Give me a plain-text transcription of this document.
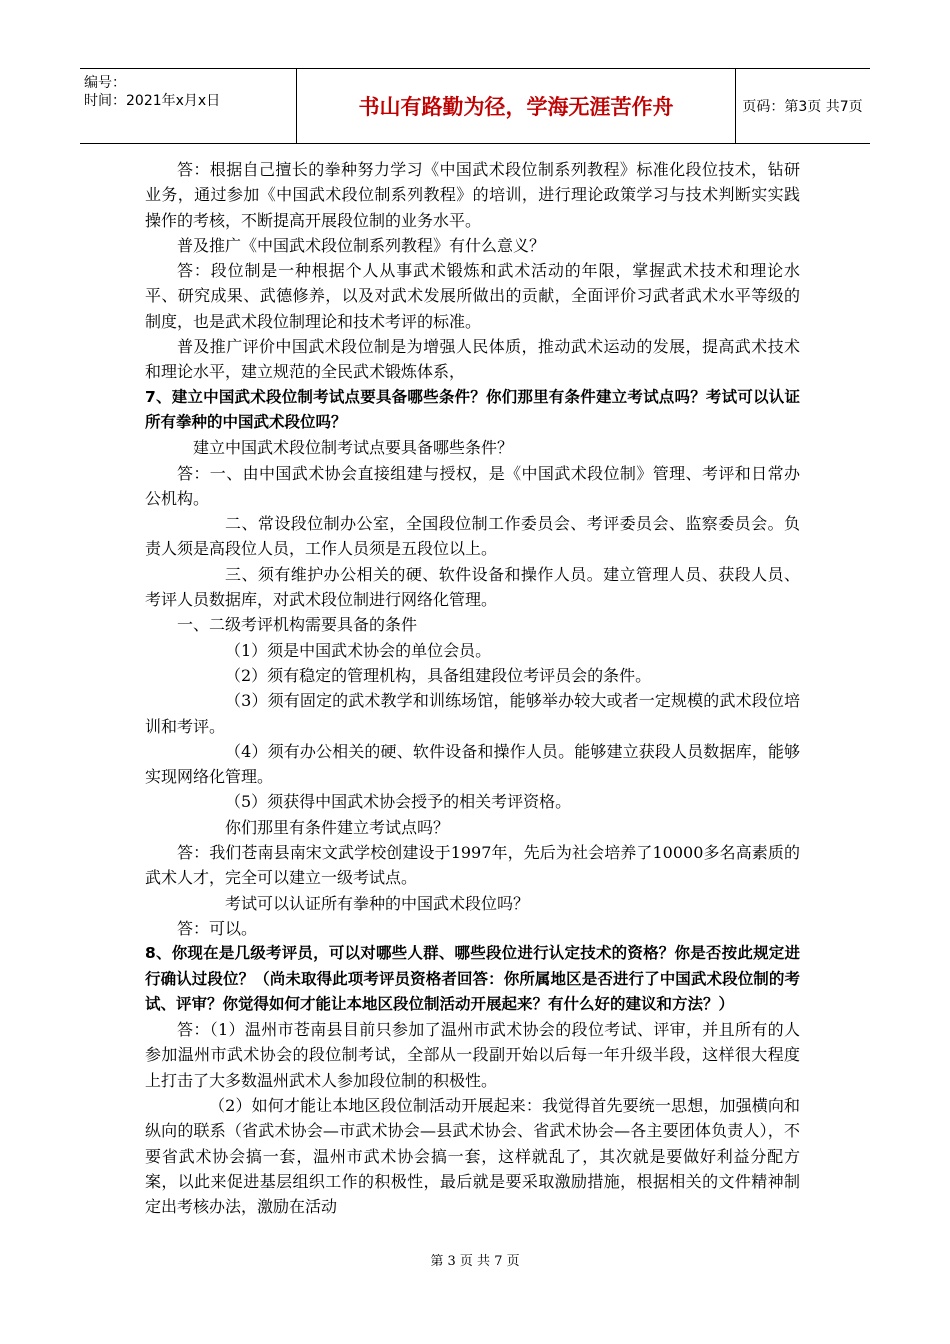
编号：
时间：2021年x月x日	书山有路勤为径，学海无涯苦作舟	页码：第3页 共7页

答：根据自己擅长的拳种努力学习《中国武术段位制系列教程》标准化段位技术，钻研业务，通过参加《中国武术段位制系列教程》的培训，进行理论政策学习与技术判断实实践操作的考核，不断提高开展段位制的业务水平。

普及推广《中国武术段位制系列教程》有什么意义？

答：段位制是一种根据个人从事武术锻炼和武术活动的年限，掌握武术技术和理论水平、研究成果、武德修养，以及对武术发展所做出的贡献，全面评价习武者武术水平等级的制度，也是武术段位制理论和技术考评的标准。

普及推广评价中国武术段位制是为增强人民体质，推动武术运动的发展，提高武术技术和理论水平，建立规范的全民武术锻炼体系，

7、建立中国武术段位制考试点要具备哪些条件？你们那里有条件建立考试点吗？考试可以认证所有拳种的中国武术段位吗？

建立中国武术段位制考试点要具备哪些条件？

答：一、由中国武术协会直接组建与授权，是《中国武术段位制》管理、考评和日常办公机构。

二、常设段位制办公室，全国段位制工作委员会、考评委员会、监察委员会。负责人须是高段位人员，工作人员须是五段位以上。

三、须有维护办公相关的硬、软件设备和操作人员。建立管理人员、获段人员、考评人员数据库，对武术段位制进行网络化管理。

一、二级考评机构需要具备的条件

（1）须是中国武术协会的单位会员。

（2）须有稳定的管理机构，具备组建段位考评员会的条件。

（3）须有固定的武术教学和训练场馆，能够举办较大或者一定规模的武术段位培训和考评。

（4）须有办公相关的硬、软件设备和操作人员。能够建立获段人员数据库，能够实现网络化管理。

（5）须获得中国武术协会授予的相关考评资格。

你们那里有条件建立考试点吗？

答：我们苍南县南宋文武学校创建设于1997年，先后为社会培养了10000多名高素质的武术人才，完全可以建立一级考试点。

考试可以认证所有拳种的中国武术段位吗？

答：可以。

8、你现在是几级考评员，可以对哪些人群、哪些段位进行认定技术的资格？你是否按此规定进行确认过段位？（尚未取得此项考评员资格者回答：你所属地区是否进行了中国武术段位制的考试、评审？你觉得如何才能让本地区段位制活动开展起来？有什么好的建议和方法？）

答：（1）温州市苍南县目前只参加了温州市武术协会的段位考试、评审，并且所有的人参加温州市武术协会的段位制考试，全部从一段副开始以后每一年升级半段，这样很大程度上打击了大多数温州武术人参加段位制的积极性。

（2）如何才能让本地区段位制活动开展起来：我觉得首先要统一思想，加强横向和纵向的联系（省武术协会—市武术协会—县武术协会、省武术协会—各主要团体负责人），不要省武术协会搞一套，温州市武术协会搞一套，这样就乱了，其次就是要做好利益分配方案，以此来促进基层组织工作的积极性，最后就是要采取激励措施，根据相关的文件精神制定出考核办法，激励在活动

第 3 页 共 7 页
